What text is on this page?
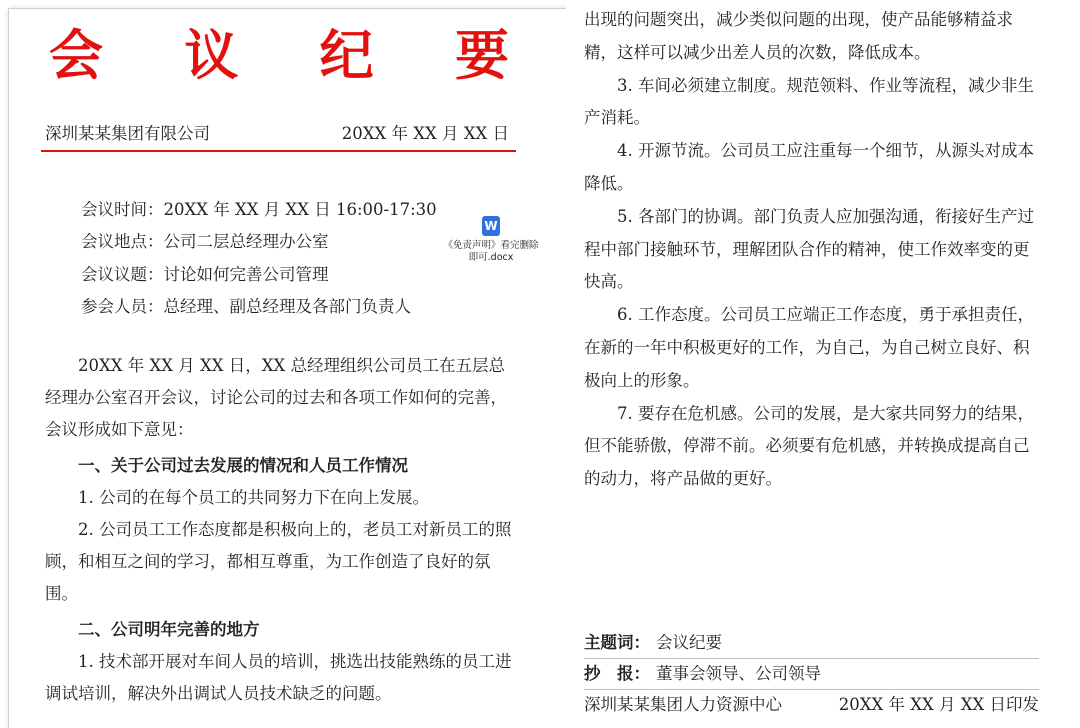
会 议 纪 要
深圳某某集团有限公司	20XX 年 XX 月 XX 日
会议时间：20XX 年 XX 月 XX 日 16:00-17:30
会议地点：公司二层总经理办公室
会议议题：讨论如何完善公司管理
参会人员：总经理、副总经理及各部门负责人
W
《免责声明》看完删除即可.docx

20XX 年 XX 月 XX 日，XX 总经理组织公司员工在五层总经理办公室召开会议，讨论公司的过去和各项工作如何的完善，会议形成如下意见：

一、关于公司过去发展的情况和人员工作情况

1. 公司的在每个员工的共同努力下在向上发展。

2. 公司员工工作态度都是积极向上的，老员工对新员工的照顾，和相互之间的学习，都相互尊重，为工作创造了良好的氛围。

二、公司明年完善的地方

1. 技术部开展对车间人员的培训，挑选出技能熟练的员工进调试培训，解决外出调试人员技术缺乏的问题。

出现的问题突出，减少类似问题的出现，使产品能够精益求精，这样可以减少出差人员的次数，降低成本。

3. 车间必须建立制度。规范领料、作业等流程，减少非生产消耗。

4. 开源节流。公司员工应注重每一个细节，从源头对成本降低。

5. 各部门的协调。部门负责人应加强沟通，衔接好生产过程中部门接触环节，理解团队合作的精神，使工作效率变的更快高。

6. 工作态度。公司员工应端正工作态度，勇于承担责任，在新的一年中积极更好的工作，为自己，为自己树立良好、积极向上的形象。

7. 要存在危机感。公司的发展，是大家共同努力的结果，但不能骄傲，停滞不前。必须要有危机感，并转换成提高自己的动力，将产品做的更好。

主题词： 会议纪要
抄　报： 董事会领导、公司领导
深圳某某集团人力资源中心	20XX 年 XX 月 XX 日印发
